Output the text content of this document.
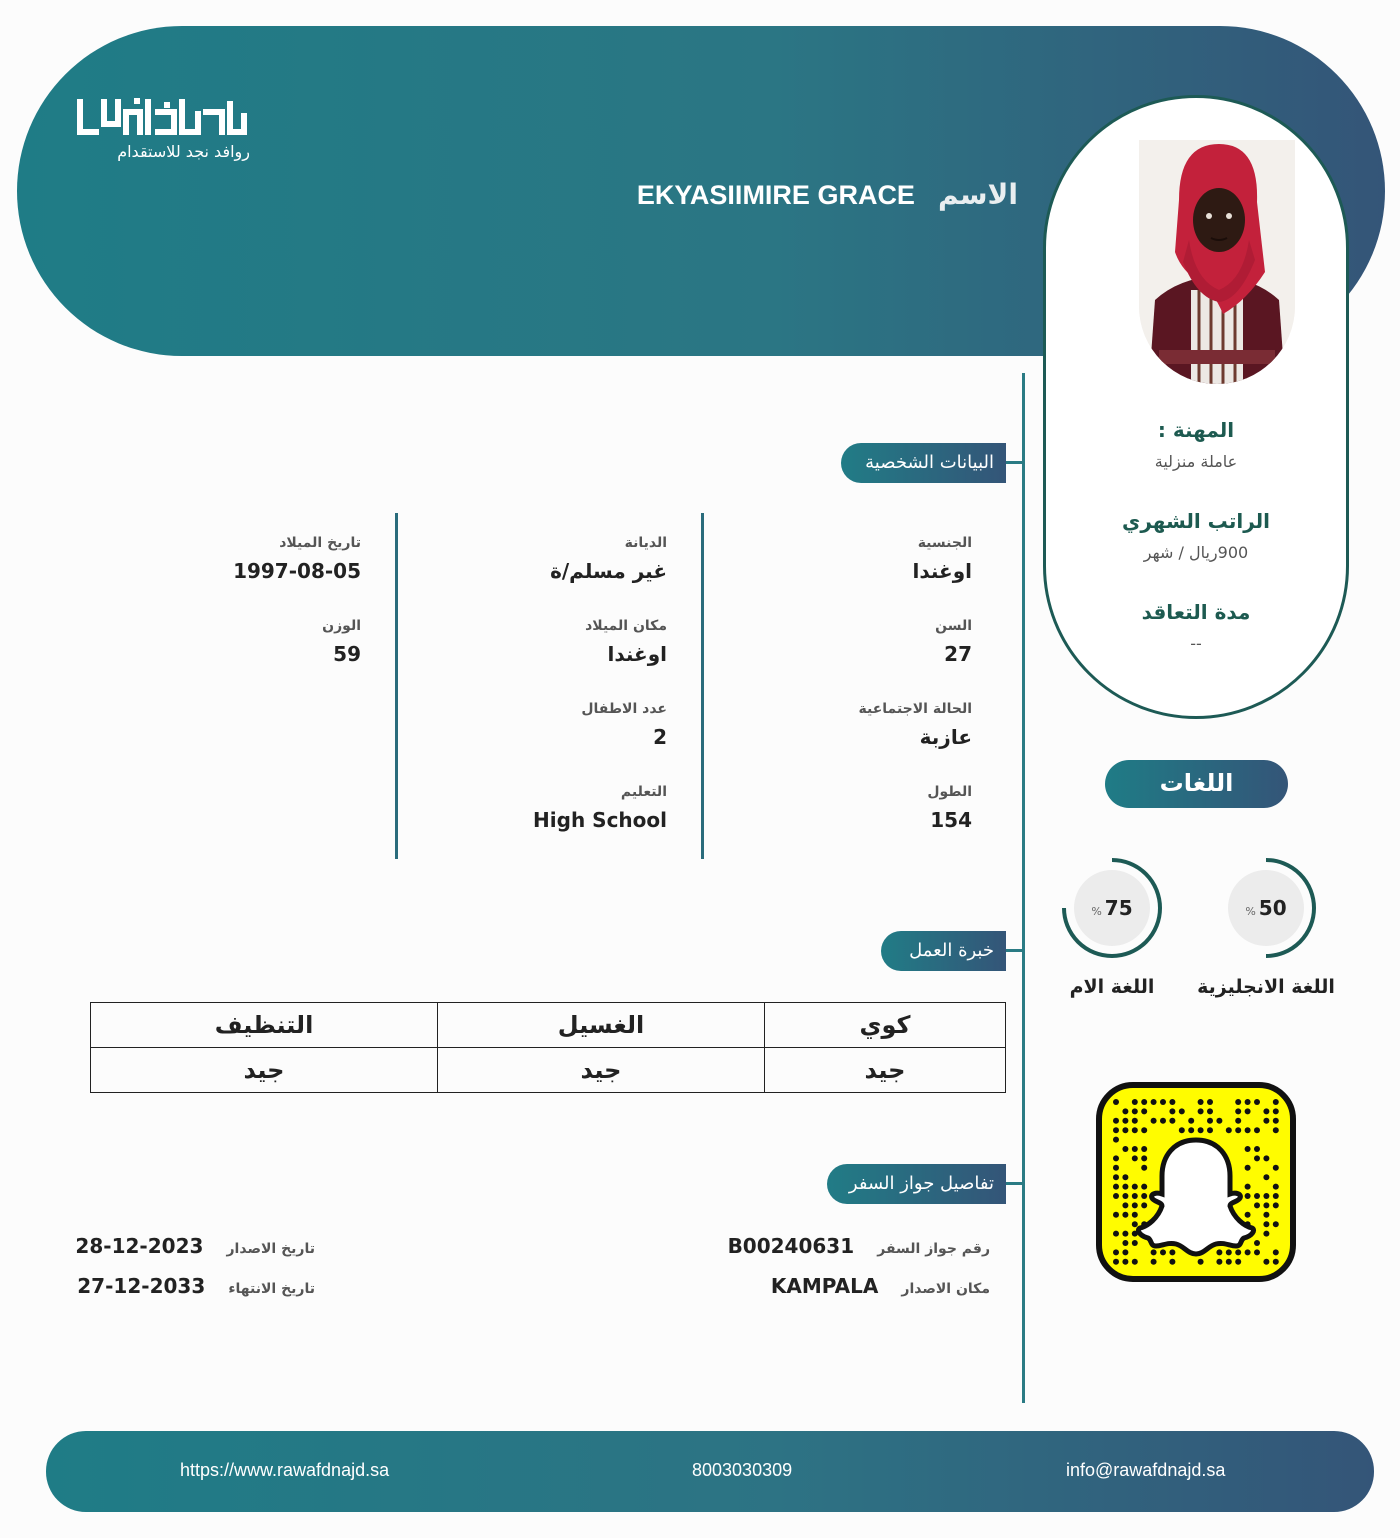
روافد نجد للاستقدام
الاسم EKYASIIMIRE GRACE
المهنة :
عاملة منزلية
الراتب الشهري
900ريال / شهر
مدة التعاقد
--
البيانات الشخصية
الجنسية
اوغندا
السن
27
الحالة الاجتماعية
عازبة
الطول
154
الديانة
غير مسلم/ة
مكان الميلاد
اوغندا
عدد الاطفال
2
التعليم
High School
تاريخ الميلاد
1997-08-05
الوزن
59
خبرة العمل
كوي	الغسيل	التنظيف
جيد	جيد	جيد
تفاصيل جواز السفر
رقم جواز السفر B00240631
مكان الاصدار KAMPALA
تاريخ الاصدار 2023-12-28
تاريخ الانتهاء 2033-12-27
اللغات
% 50
اللغة الانجليزية
% 75
اللغة الام
https://www.rawafdnajd.sa	8003030309	info@rawafdnajd.sa
